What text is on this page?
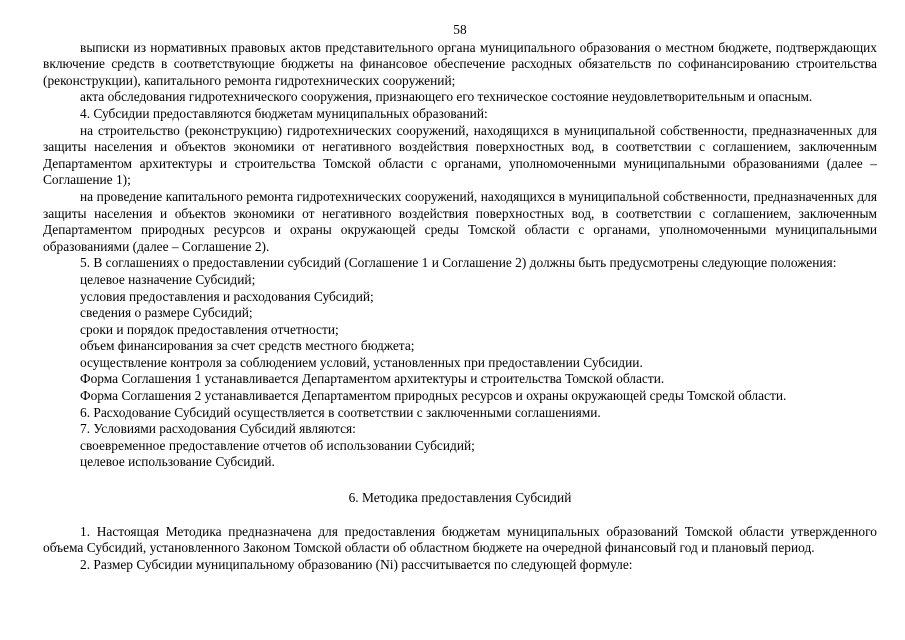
58

выписки из нормативных правовых актов представительного органа муниципального образования о местном бюджете, подтверждающих включение средств в соответствующие бюджеты на финансовое обеспечение расходных обязательств по софинансированию строительства (реконструкции), капитального ремонта гидротехнических сооружений;

акта обследования гидротехнического сооружения, признающего его техническое состояние неудовлетворительным и опасным.

4. Субсидии предоставляются бюджетам муниципальных образований:

на строительство (реконструкцию) гидротехнических сооружений, находящихся в муниципальной собственности, предназначенных для защиты населения и объектов экономики от негативного воздействия поверхностных вод, в соответствии с соглашением, заключенным Департаментом архитектуры и строительства Томской области с органами, уполномоченными муниципальными образованиями (далее – Соглашение 1);

на проведение капитального ремонта гидротехнических сооружений, находящихся в муниципальной собственности, предназначенных для защиты населения и объектов экономики от негативного воздействия поверхностных вод, в соответствии с соглашением, заключенным Департаментом природных ресурсов и охраны окружающей среды Томской области с органами, уполномоченными муниципальными образованиями (далее – Соглашение 2).

5. В соглашениях о предоставлении субсидий (Соглашение 1 и Соглашение 2) должны быть предусмотрены следующие положения:

целевое назначение Субсидий;

условия предоставления и расходования Субсидий;

сведения о размере Субсидий;

сроки и порядок предоставления отчетности;

объем финансирования за счет средств местного бюджета;

осуществление контроля за соблюдением условий, установленных при предоставлении Субсидии.

Форма Соглашения 1 устанавливается Департаментом архитектуры и строительства Томской области.

Форма Соглашения 2 устанавливается Департаментом природных ресурсов и охраны окружающей среды Томской области.

6. Расходование Субсидий осуществляется в соответствии с заключенными соглашениями.

7. Условиями расходования Субсидий являются:

своевременное предоставление отчетов об использовании Субсидий;

целевое использование Субсидий.

6. Методика предоставления Субсидий

1. Настоящая Методика предназначена для предоставления бюджетам муниципальных образований Томской области утвержденного объема Субсидий, установленного Законом Томской области об областном бюджете на очередной финансовый год и плановый период.

2. Размер Субсидии муниципальному образованию (Ni) рассчитывается по следующей формуле:
